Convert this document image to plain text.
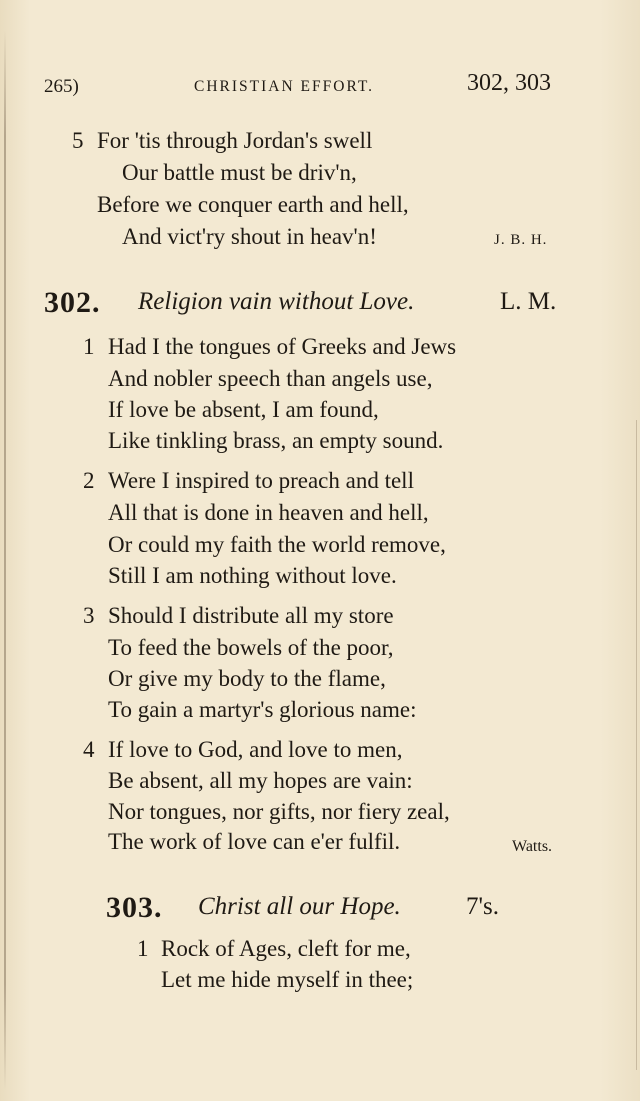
265)	CHRISTIAN EFFORT.	302, 303
5 For 'tis through Jordan's swell
Our battle must be driv'n,
Before we conquer earth and hell,
And vict'ry shout in heav'n!	J. B. H.
302. Religion vain without Love.	L. M.
1 Had I the tongues of Greeks and Jews
And nobler speech than angels use,
If love be absent, I am found,
Like tinkling brass, an empty sound.
2 Were I inspired to preach and tell
All that is done in heaven and hell,
Or could my faith the world remove,
Still I am nothing without love.
3 Should I distribute all my store
To feed the bowels of the poor,
Or give my body to the flame,
To gain a martyr's glorious name:
4 If love to God, and love to men,
Be absent, all my hopes are vain:
Nor tongues, nor gifts, nor fiery zeal,
The work of love can e'er fulfil.	Watts.
303. Christ all our Hope.	7's.
1 Rock of Ages, cleft for me,
Let me hide myself in thee;
